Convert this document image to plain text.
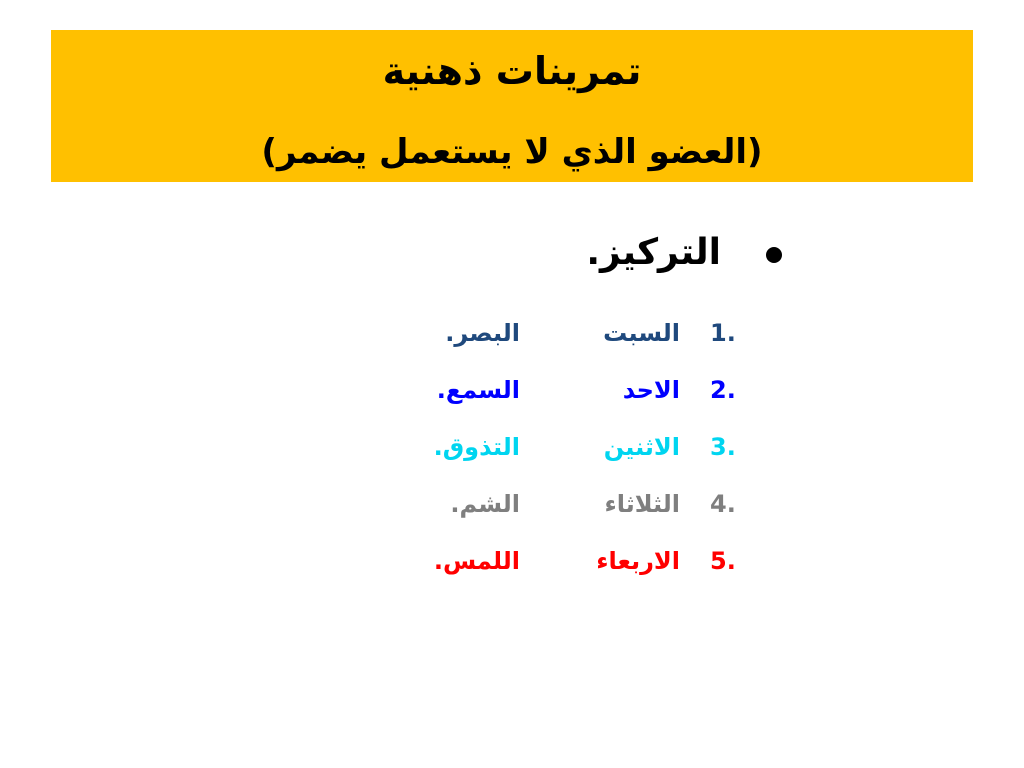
تمرينات ذهنية
(العضو الذي لا يستعمل يضمر)
التركيز.
1.
السبت
البصر.
2.
الاحد
السمع.
3.
الاثنين
التذوق.
4.
الثلاثاء
الشم.
5.
الاربعاء
اللمس.
